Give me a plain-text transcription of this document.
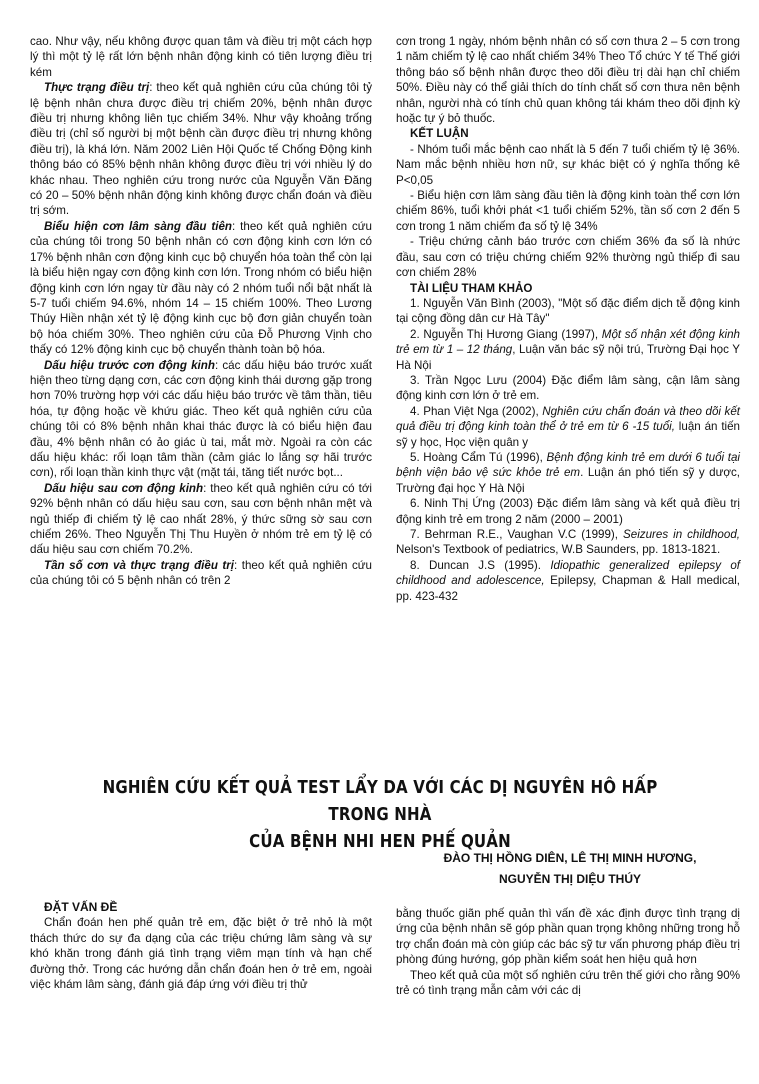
cao. Như vậy, nếu không được quan tâm và điều trị một cách hợp lý thì một tỷ lệ rất lớn bệnh nhân động kinh có tiên lượng điều trị kém

Thực trạng điều trị: theo kết quả nghiên cứu của chúng tôi tỷ lệ bệnh nhân chưa được điều trị chiếm 20%, bệnh nhân được điều trị nhưng không liên tục chiếm 34%. Như vậy khoảng trống điều trị (chỉ số người bị một bệnh cần được điều trị nhưng không điều trị), là khá lớn. Năm 2002 Liên Hội Quốc tế Chống Động kinh thông báo có 85% bệnh nhân không được điều trị với nhiều lý do khác nhau. Theo nghiên cứu trong nước của Nguyễn Văn Đăng có 20 – 50% bệnh nhân động kinh không được chẩn đoán và điều trị sớm.

Biểu hiện cơn lâm sàng đầu tiên: theo kết quả nghiên cứu của chúng tôi trong 50 bệnh nhân có cơn động kinh cơn lớn có 17% bệnh nhân cơn động kinh cục bộ chuyển hóa toàn thể còn lại là biểu hiện ngay cơn động kinh cơn lớn. Trong nhóm có biểu hiện động kinh cơn lớn ngay từ đầu này có 2 nhóm tuổi nổi bật nhất là 5-7 tuổi chiếm 94.6%, nhóm 14 – 15 chiếm 100%. Theo Lương Thúy Hiền nhận xét tỷ lệ động kinh cục bộ đơn giản chuyển toàn bộ hóa chiếm 30%. Theo nghiên cứu của Đỗ Phương Vịnh cho thấy có 12% động kinh cục bộ chuyển thành toàn bộ hóa.

Dấu hiệu trước cơn động kinh: các dấu hiệu báo trước xuất hiện theo từng dạng cơn, các cơn động kinh thái dương gặp trong hơn 70% trường hợp với các dấu hiệu báo trước về tâm thần, tiêu hóa, tự động hoặc về khứu giác. Theo kết quả nghiên cứu của chúng tôi có 8% bệnh nhân khai thác được là có biểu hiện đau đầu, 4% bệnh nhân có ảo giác ù tai, mắt mờ. Ngoài ra còn các dấu hiệu khác: rối loạn tâm thần (cảm giác lo lắng sợ hãi trước cơn), rối loạn thần kinh thực vật (mặt tái, tăng tiết nước bọt...

Dấu hiệu sau cơn động kinh: theo kết quả nghiên cứu có tới 92% bệnh nhân có dấu hiệu sau cơn, sau cơn bệnh nhân mệt và ngủ thiếp đi chiếm tỷ lệ cao nhất 28%, ý thức sững sờ sau cơn chiếm 26%. Theo Nguyễn Thị Thu Huyền ở nhóm trẻ em tỷ lệ có dấu hiệu sau cơn chiếm 70.2%.

Tần số cơn và thực trạng điều trị: theo kết quả nghiên cứu của chúng tôi có 5 bệnh nhân có trên 2

cơn trong 1 ngày, nhóm bệnh nhân có số cơn thưa 2 – 5 cơn trong 1 năm chiếm tỷ lệ cao nhất chiếm 34% Theo Tổ chức Y tế Thế giới thông báo số bệnh nhân được theo dõi điều trị dài hạn chỉ chiếm 50%. Điều này có thể giải thích do tính chất số cơn thưa nên bệnh nhân, người nhà có tính chủ quan không tái khám theo dõi định kỳ hoặc tự ý bỏ thuốc.

KẾT LUẬN

- Nhóm tuổi mắc bệnh cao nhất là 5 đến 7 tuổi chiếm tỷ lệ 36%. Nam mắc bệnh nhiều hơn nữ, sự khác biệt có ý nghĩa thống kê P<0,05

- Biểu hiện cơn lâm sàng đầu tiên là động kinh toàn thể cơn lớn chiếm 86%, tuổi khởi phát <1 tuổi chiếm 52%, tần số cơn 2 đến 5 cơn trong 1 năm chiếm đa số tỷ lệ 34%

- Triệu chứng cảnh báo trước cơn chiếm 36% đa số là nhức đầu, sau cơn có triệu chứng chiếm 92% thường ngủ thiếp đi sau cơn chiếm 28%

TÀI LIỆU THAM KHẢO

1. Nguyễn Văn Bình (2003), "Một số đặc điểm dịch tễ động kinh tại cộng đồng dân cư Hà Tây"

2. Nguyễn Thị Hương Giang (1997), Một số nhận xét động kinh trẻ em từ 1 – 12 tháng, Luận văn bác sỹ nội trú, Trường Đại học Y Hà Nội

3. Trần Ngọc Lưu (2004) Đặc điểm lâm sàng, cận lâm sàng động kinh cơn lớn ở trẻ em.

4. Phan Việt Nga (2002), Nghiên cứu chẩn đoán và theo dõi kết quả điều trị động kinh toàn thể ở trẻ em từ 6 -15 tuổi, luận án tiến sỹ y học, Học viện quân y

5. Hoàng Cẩm Tú (1996), Bệnh động kinh trẻ em dưới 6 tuổi tại bệnh viện bảo vệ sức khỏe trẻ em. Luận án phó tiến sỹ y dược, Trường đại học Y Hà Nội

6. Ninh Thị Ứng (2003) Đặc điểm lâm sàng và kết quả điều trị động kinh trẻ em trong 2 năm (2000 – 2001)

7. Behrman R.E., Vaughan V.C (1999), Seizures in childhood, Nelson's Textbook of pediatrics, W.B Saunders, pp. 1813-1821.

8. Duncan J.S (1995). Idiopathic generalized epilepsy of childhood and adolescence, Epilepsy, Chapman & Hall medical, pp. 423-432

NGHIÊN CỨU KẾT QUẢ TEST LẨY DA VỚI CÁC DỊ NGUYÊN HÔ HẤP TRONG NHÀ
CỦA BỆNH NHI HEN PHẾ QUẢN
ĐÀO THỊ HỒNG DIÊN, LÊ THỊ MINH HƯƠNG,
NGUYỄN THỊ DIỆU THÚY

ĐẶT VẤN ĐỀ

Chẩn đoán hen phế quản trẻ em, đặc biệt ở trẻ nhỏ là một thách thức do sự đa dạng của các triệu chứng lâm sàng và sự khó khăn trong đánh giá tình trạng viêm mạn tính và hạn chế đường thở. Trong các hướng dẫn chẩn đoán hen ở trẻ em, ngoài việc khám lâm sàng, đánh giá đáp ứng với điều trị thử

bằng thuốc giãn phế quản thì vấn đề xác định được tình trạng dị ứng của bệnh nhân sẽ góp phần quan trọng không những trong hỗ trợ chẩn đoán mà còn giúp các bác sỹ tư vấn phương pháp điều trị phòng đúng hướng, góp phần kiểm soát hen hiệu quả hơn

Theo kết quả của một số nghiên cứu trên thế giới cho rằng 90% trẻ có tình trạng mẫn cảm với các dị
